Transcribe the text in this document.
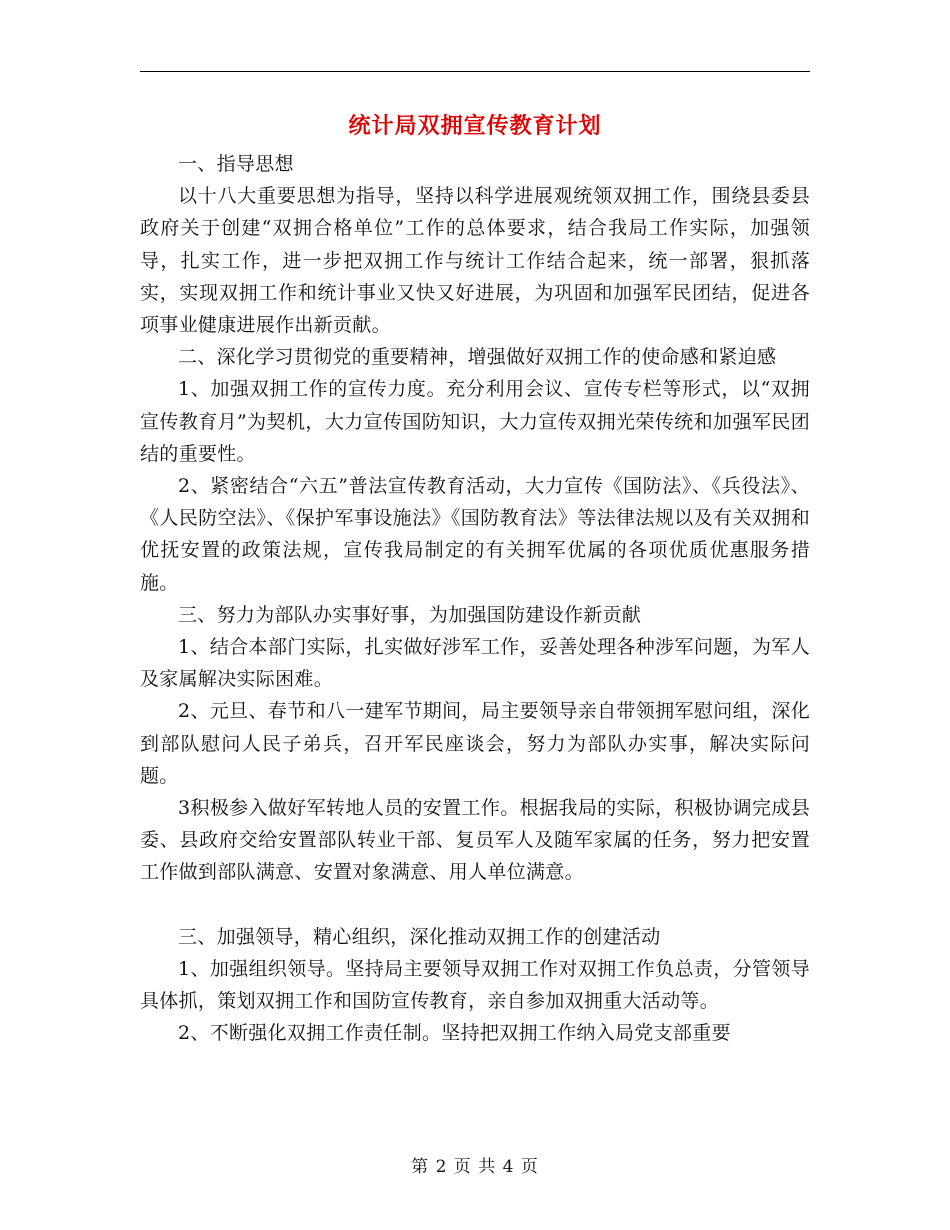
统计局双拥宣传教育计划

一、指导思想

以十八大重要思想为指导，坚持以科学进展观统领双拥工作，围绕县委县政府关于创建“双拥合格单位”工作的总体要求，结合我局工作实际，加强领导，扎实工作，进一步把双拥工作与统计工作结合起来，统一部署，狠抓落实，实现双拥工作和统计事业又快又好进展，为巩固和加强军民团结，促进各项事业健康进展作出新贡献。

二、深化学习贯彻党的重要精神，增强做好双拥工作的使命感和紧迫感

1、加强双拥工作的宣传力度。充分利用会议、宣传专栏等形式，以“双拥宣传教育月”为契机，大力宣传国防知识，大力宣传双拥光荣传统和加强军民团结的重要性。

2、紧密结合“六五”普法宣传教育活动，大力宣传《国防法》、《兵役法》、《人民防空法》、《保护军事设施法》《国防教育法》等法律法规以及有关双拥和优抚安置的政策法规，宣传我局制定的有关拥军优属的各项优质优惠服务措施。

三、努力为部队办实事好事，为加强国防建设作新贡献

1、结合本部门实际，扎实做好涉军工作，妥善处理各种涉军问题，为军人及家属解决实际困难。

2、元旦、春节和八一建军节期间，局主要领导亲自带领拥军慰问组，深化到部队慰问人民子弟兵，召开军民座谈会，努力为部队办实事，解决实际问题。

3积极参入做好军转地人员的安置工作。根据我局的实际，积极协调完成县委、县政府交给安置部队转业干部、复员军人及随军家属的任务，努力把安置工作做到部队满意、安置对象满意、用人单位满意。

三、加强领导，精心组织，深化推动双拥工作的创建活动

1、加强组织领导。坚持局主要领导双拥工作对双拥工作负总责，分管领导具体抓，策划双拥工作和国防宣传教育，亲自参加双拥重大活动等。

2、不断强化双拥工作责任制。坚持把双拥工作纳入局党支部重要

第 2 页 共 4 页
